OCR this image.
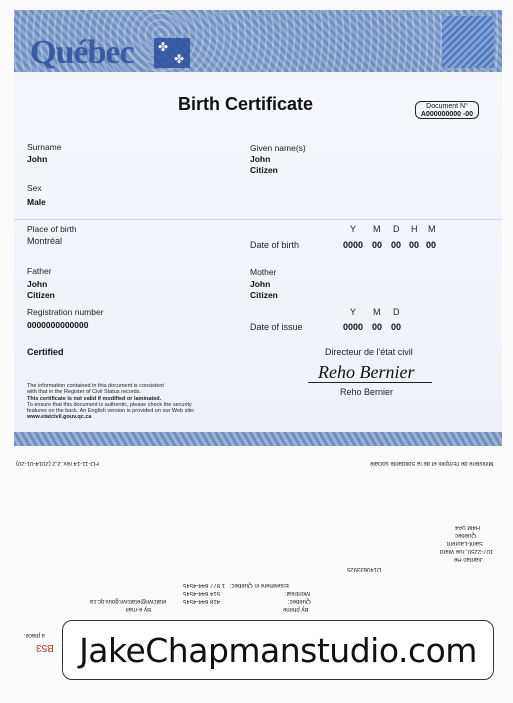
Québec
✤ ✤
Birth Certificate	Document N°
A000000000 -00
Surname
John
Given name(s)
John
Citizen
Sex
Male
Place of birth
Montréal
Y M D H M
Date of birth	0000 00 00 00 00
Father
John
Citizen
Mother
John
Citizen
Registration number
0000000000000
Y M D
Date of issue	0000 00 00
Certified	Directeur de l'état civil
Reho Bernier
Reho Bernier

The information contained in this document is consistent

with that in the Register of Civil Status records.

This certificate is not valid if modified or laminated.

To ensure that this document is authentic, please check the security

features on the back. An English version is provided on our Web site:

www.etatcivil.gouv.qc.ca

FO-11-14 rev. 2.2 (2014-01-20)	Ministère de l'Emploi et de la Solidarité sociale
H4M 0A4
Québec
Saint-Laurent
107-2250, rue Ward
Jiantao He
D140633925
1 877 644-4545 Elsewhere in Québec:
514 644-4545	Montréal:
418 644-4545	Québec:
By phone
etatcivil@etatcivil.gouv.qc.ca
By e-mail
a place.
B53 JakeChapmanstudio.com
